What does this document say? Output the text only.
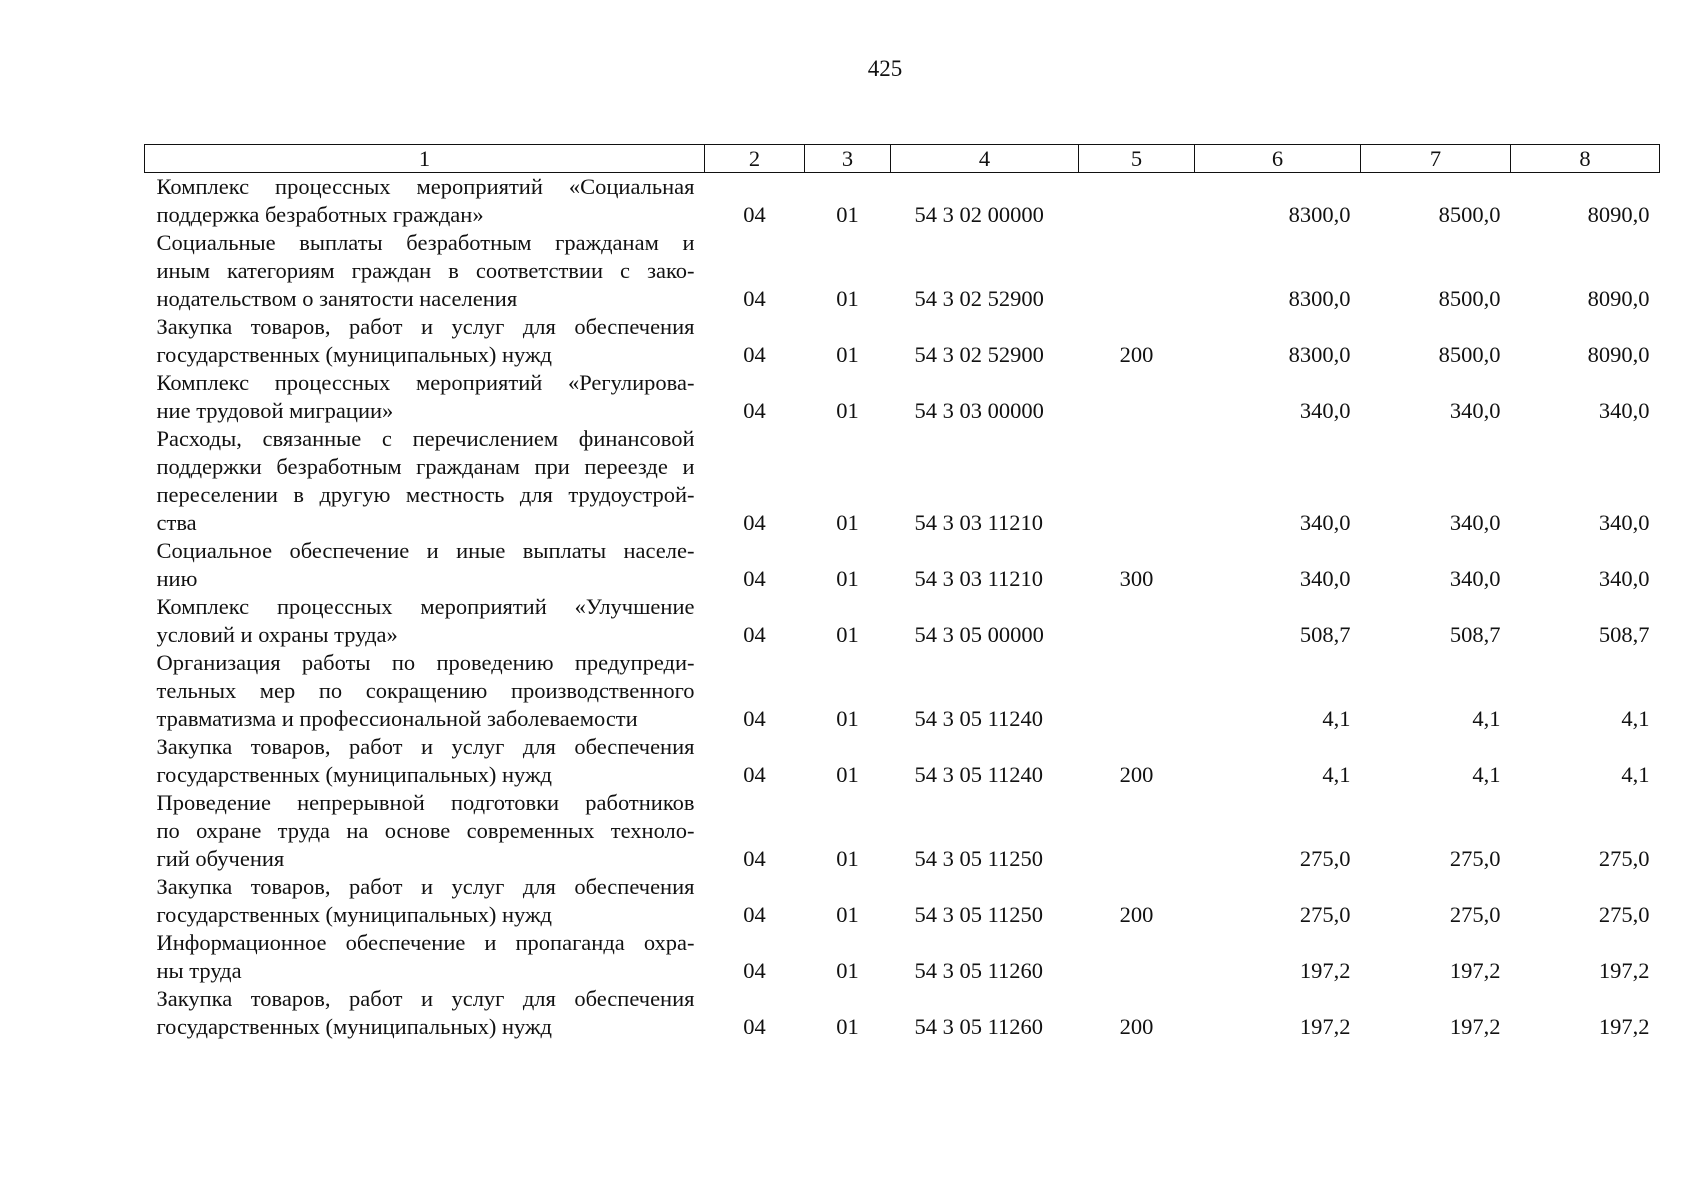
425
1	2	3	4	5	6	7	8

Комплекс процессных мероприятий «Социальная
поддержка безработных граждан»	04	01	54 3 02 00000		8300,0	8500,0	8090,0

Социальные выплаты безработным гражданам и
иным категориям граждан в соответствии с зако-
нодательством о занятости населения	04	01	54 3 02 52900		8300,0	8500,0	8090,0

Закупка товаров, работ и услуг для обеспечения
государственных (муниципальных) нужд	04	01	54 3 02 52900	200	8300,0	8500,0	8090,0

Комплекс процессных мероприятий «Регулирова-
ние трудовой миграции»	04	01	54 3 03 00000		340,0	340,0	340,0

Расходы, связанные с перечислением финансовой
поддержки безработным гражданам при переезде и
переселении в другую местность для трудоустрой-
ства	04	01	54 3 03 11210		340,0	340,0	340,0

Социальное обеспечение и иные выплаты населе-
нию	04	01	54 3 03 11210	300	340,0	340,0	340,0

Комплекс процессных мероприятий «Улучшение
условий и охраны труда»	04	01	54 3 05 00000		508,7	508,7	508,7

Организация работы по проведению предупреди-
тельных мер по сокращению производственного
травматизма и профессиональной заболеваемости	04	01	54 3 05 11240		4,1	4,1	4,1

Закупка товаров, работ и услуг для обеспечения
государственных (муниципальных) нужд	04	01	54 3 05 11240	200	4,1	4,1	4,1

Проведение непрерывной подготовки работников
по охране труда на основе современных техноло-
гий обучения	04	01	54 3 05 11250		275,0	275,0	275,0

Закупка товаров, работ и услуг для обеспечения
государственных (муниципальных) нужд	04	01	54 3 05 11250	200	275,0	275,0	275,0

Информационное обеспечение и пропаганда охра-
ны труда	04	01	54 3 05 11260		197,2	197,2	197,2

Закупка товаров, работ и услуг для обеспечения
государственных (муниципальных) нужд	04	01	54 3 05 11260	200	197,2	197,2	197,2
